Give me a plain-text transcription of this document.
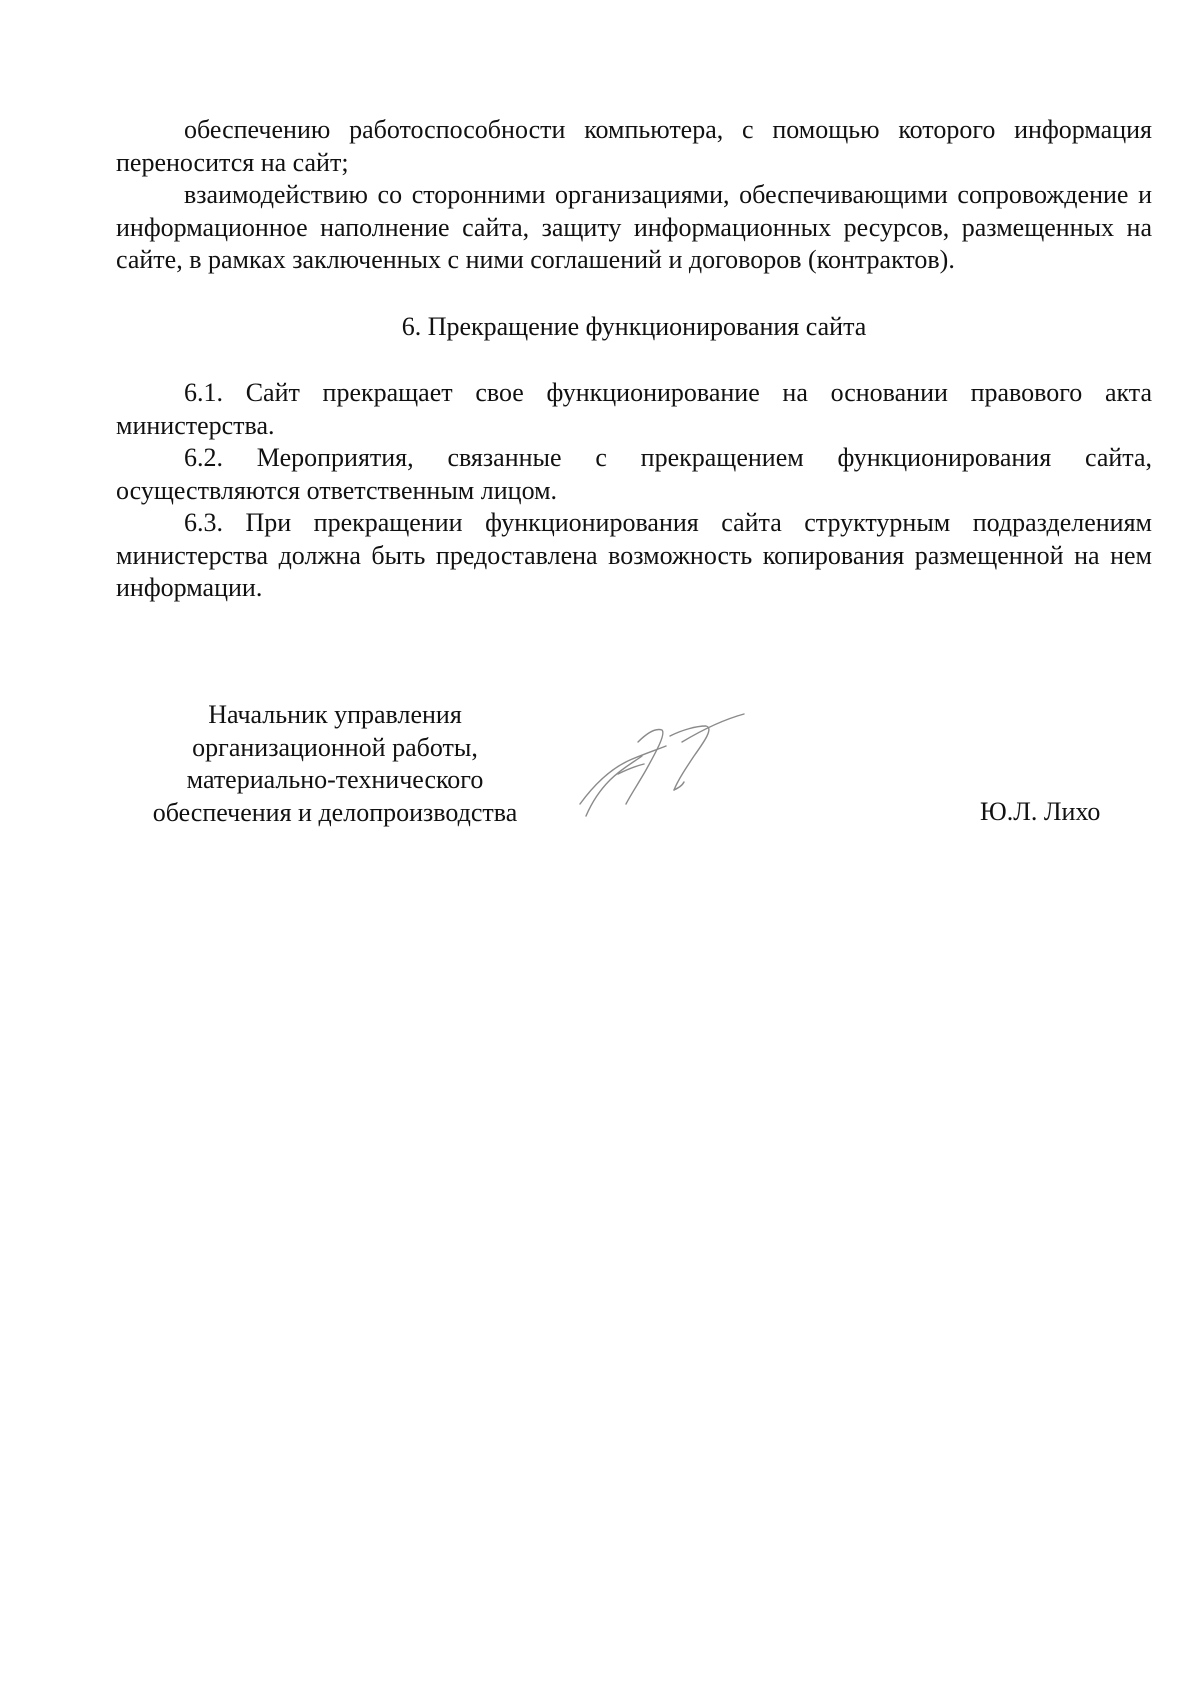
обеспечению работоспособности компьютера, с помощью которого информация переносится на сайт;

взаимодействию со сторонними организациями, обеспечивающими сопровождение и информационное наполнение сайта, защиту информационных ресурсов, размещенных на сайте, в рамках заключенных с ними соглашений и договоров (контрактов).

6. Прекращение функционирования сайта

6.1. Сайт прекращает свое функционирование на основании правового акта министерства.

6.2. Мероприятия, связанные с прекращением функционирования сайта, осуществляются ответственным лицом.

6.3. При прекращении функционирования сайта структурным подразделениям министерства должна быть предоставлена возможность копирования размещенной на нем информации.

Начальник управления
организационной работы,
материально-технического
обеспечения и делопроизводства	Ю.Л. Лихо
